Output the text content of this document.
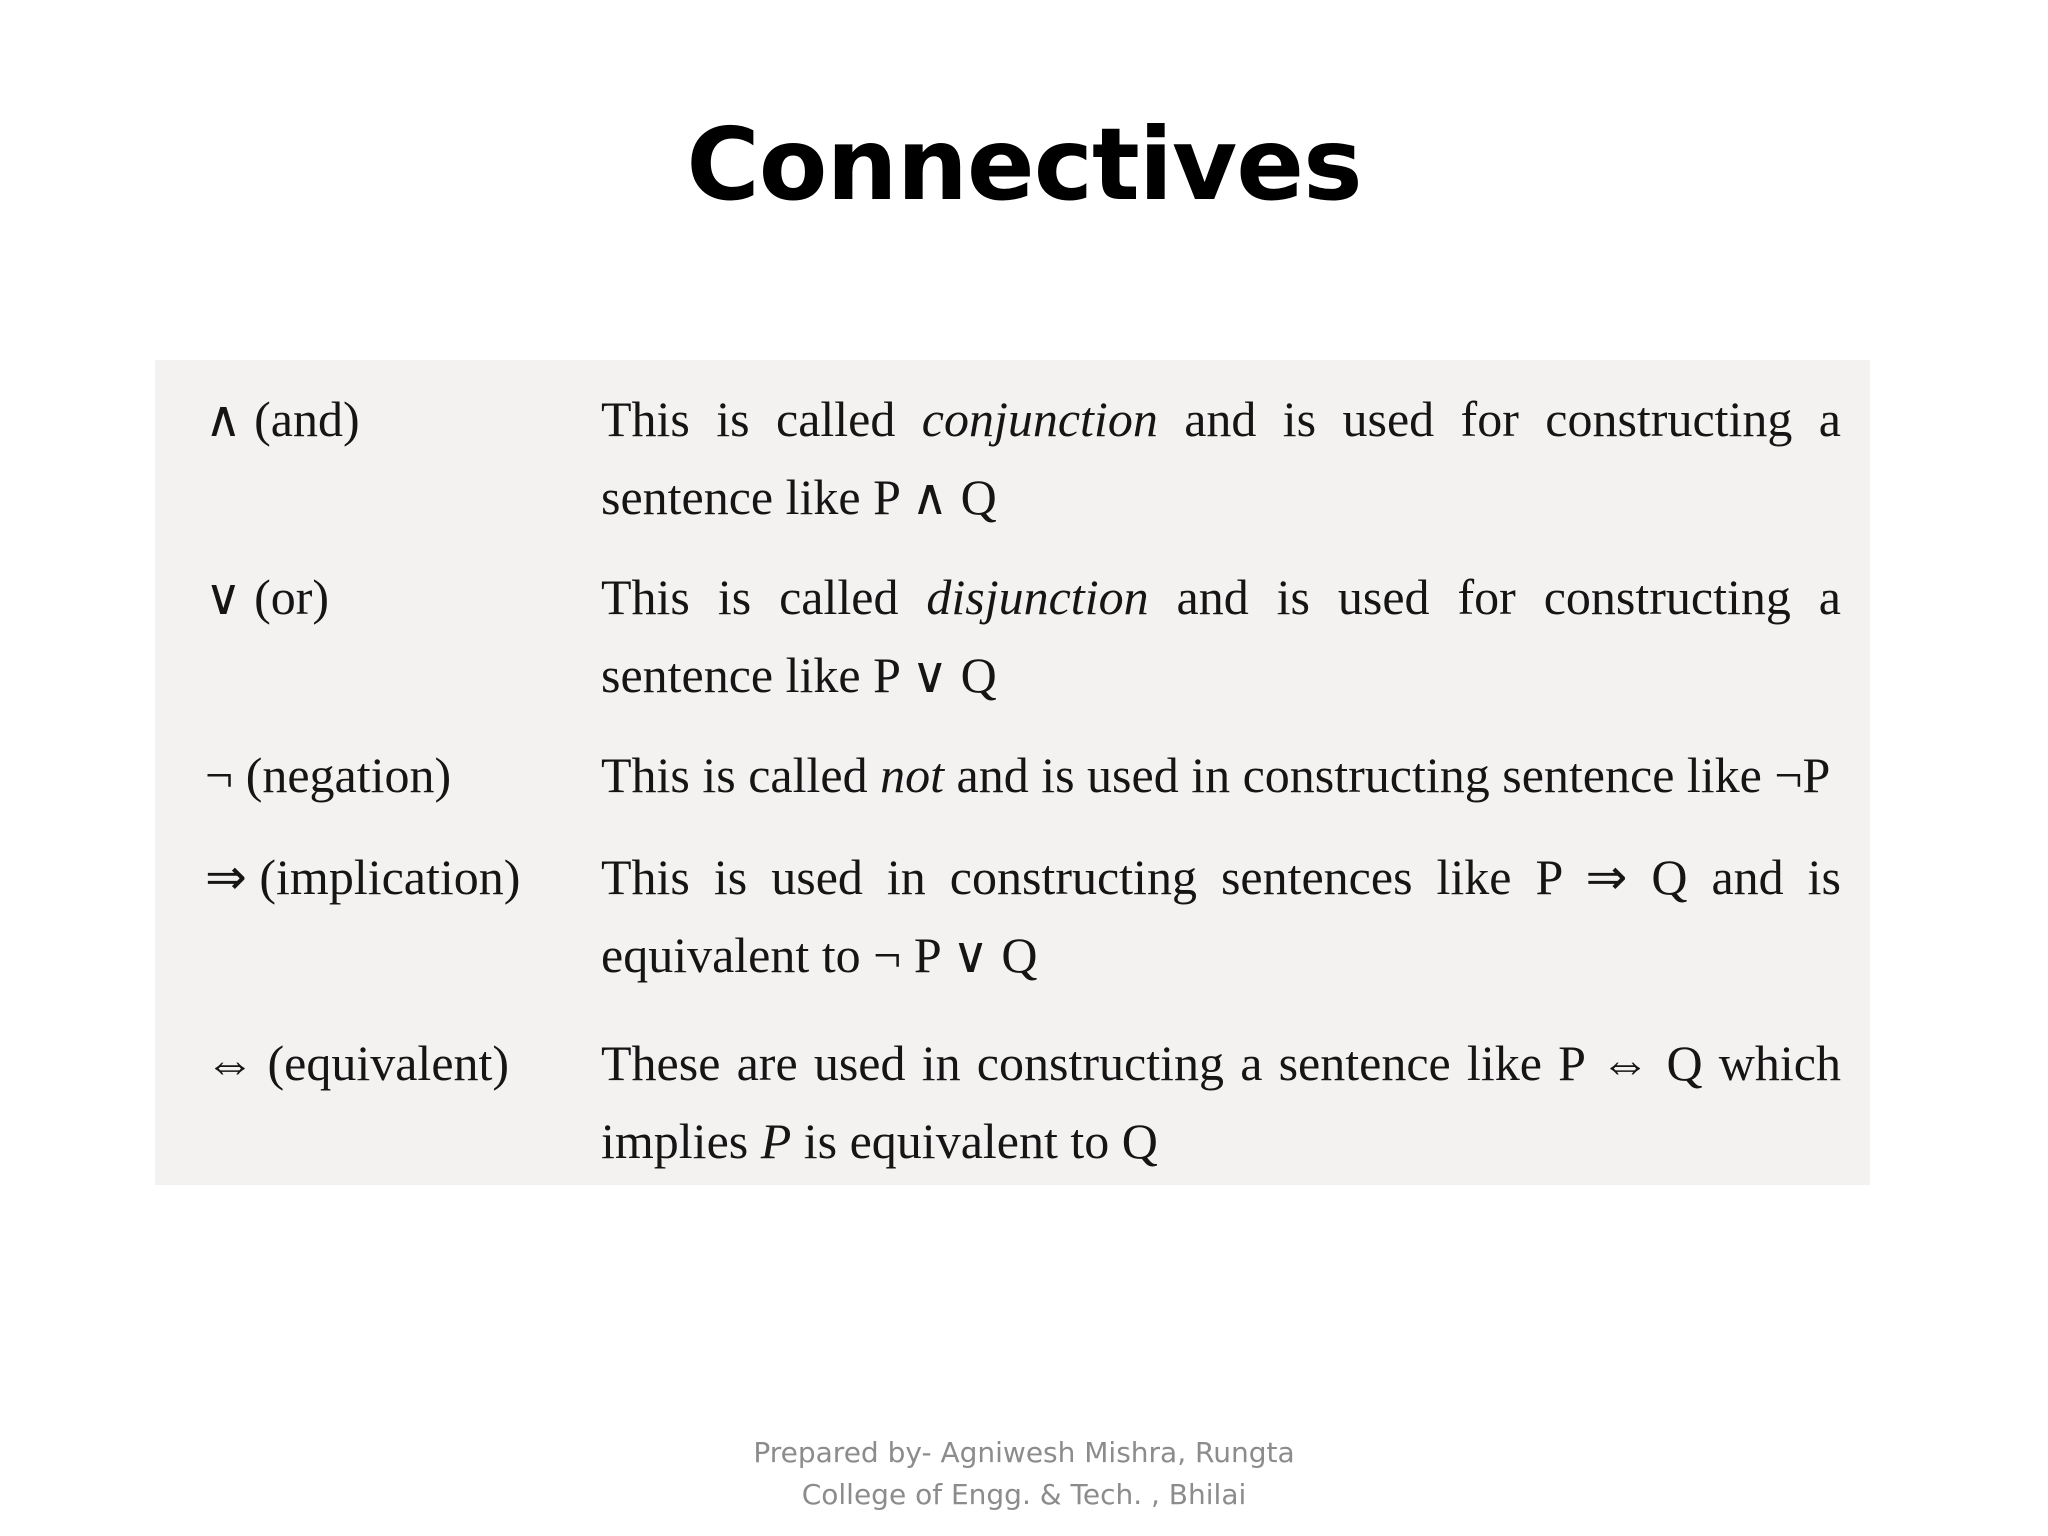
Connectives
∧ (and)	This is called conjunction and is used for constructing a sentence like P ∧ Q
∨ (or)	This is called disjunction and is used for constructing a sentence like P ∨ Q
¬ (negation)	This is called not and is used in constructing sentence like ¬P
⇒ (implication)	This is used in constructing sentences like P ⇒ Q and is equivalent to ¬ P ∨ Q
⇔ (equivalent)	These are used in constructing a sentence like P ⇔ Q which implies P is equivalent to Q
Prepared by- Agniwesh Mishra, Rungta
College of Engg. & Tech. , Bhilai
